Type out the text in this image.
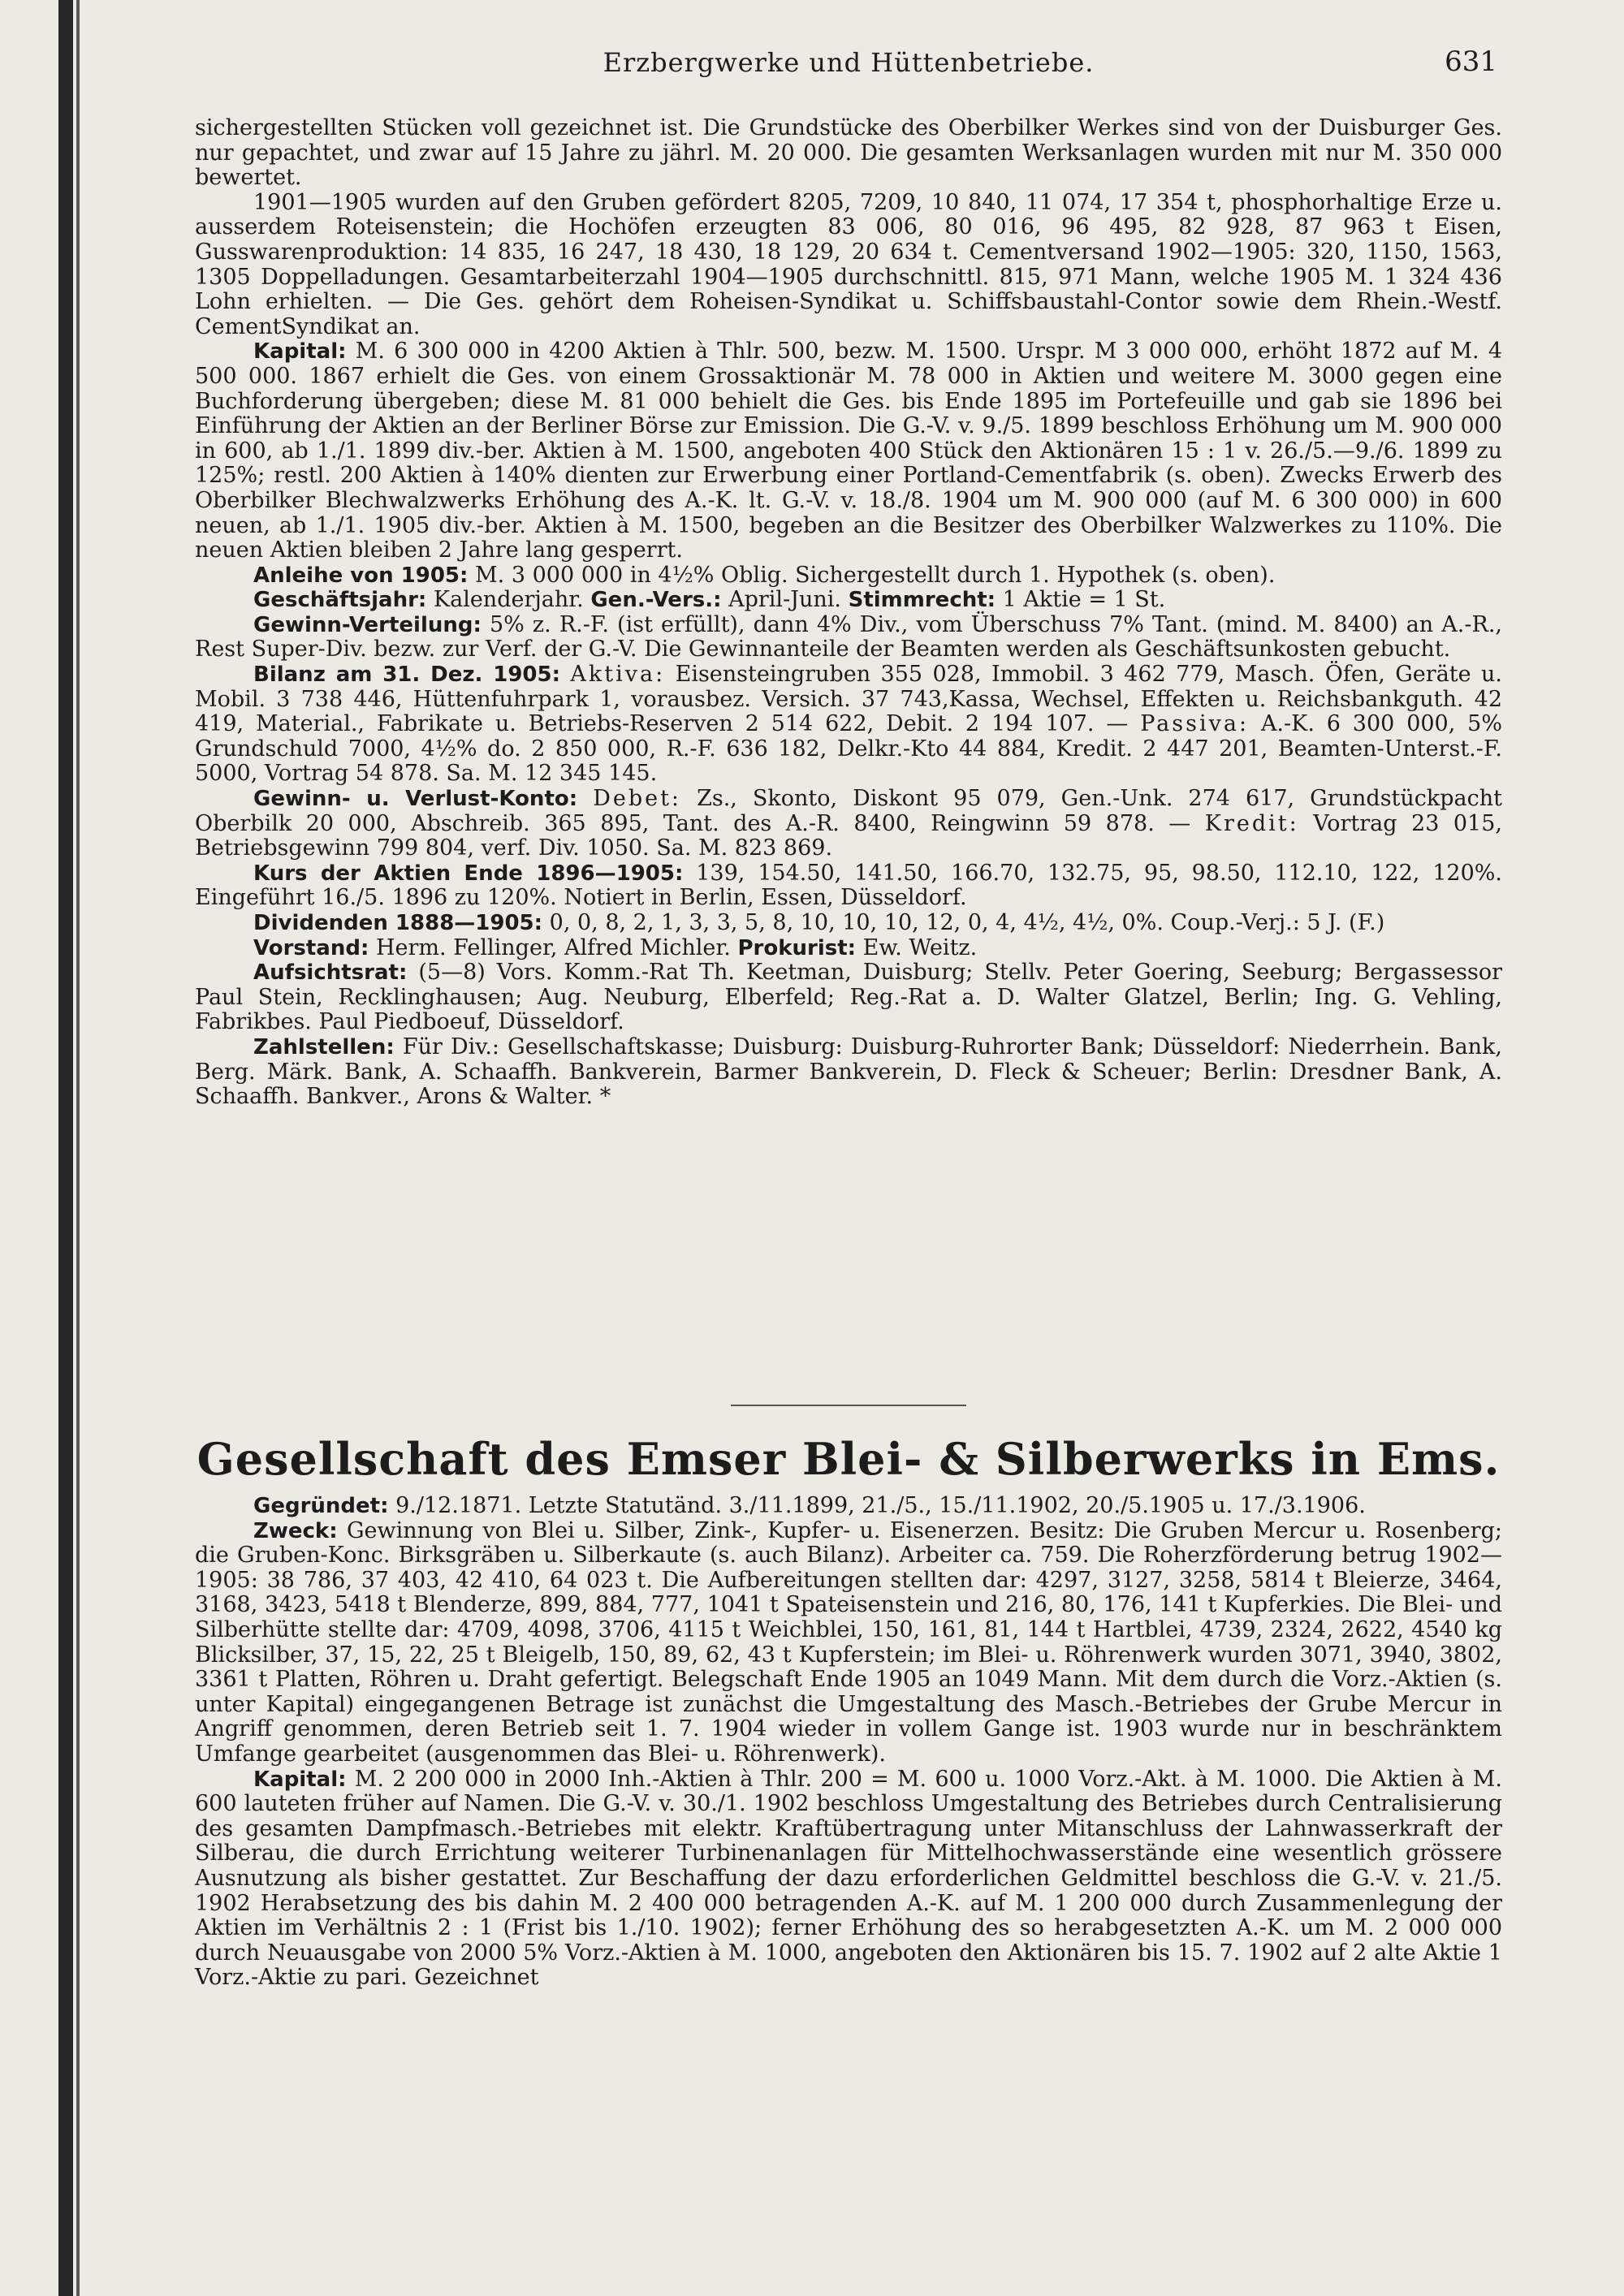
Erzbergwerke und Hüttenbetriebe.	631

sichergestellten Stücken voll gezeichnet ist. Die Grundstücke des Oberbilker Werkes sind von der Duisburger Ges. nur gepachtet, und zwar auf 15 Jahre zu jährl. M. 20 000. Die gesamten Werksanlagen wurden mit nur M. 350 000 bewertet.

1901—1905 wurden auf den Gruben gefördert 8205, 7209, 10 840, 11 074, 17 354 t, phosphorhaltige Erze u. ausserdem Roteisenstein; die Hochöfen erzeugten 83 006, 80 016, 96 495, 82 928, 87 963 t Eisen, Gusswarenproduktion: 14 835, 16 247, 18 430, 18 129, 20 634 t. Cementversand 1902—1905: 320, 1150, 1563, 1305 Doppelladungen. Gesamtarbeiterzahl 1904—1905 durchschnittl. 815, 971 Mann, welche 1905 M. 1 324 436 Lohn erhielten. — Die Ges. gehört dem Roheisen-Syndikat u. Schiffsbaustahl-Contor sowie dem Rhein.-Westf. CementSyndikat an.

Kapital: M. 6 300 000 in 4200 Aktien à Thlr. 500, bezw. M. 1500. Urspr. M 3 000 000, erhöht 1872 auf M. 4 500 000. 1867 erhielt die Ges. von einem Grossaktionär M. 78 000 in Aktien und weitere M. 3000 gegen eine Buchforderung übergeben; diese M. 81 000 behielt die Ges. bis Ende 1895 im Portefeuille und gab sie 1896 bei Einführung der Aktien an der Berliner Börse zur Emission. Die G.-V. v. 9./5. 1899 beschloss Erhöhung um M. 900 000 in 600, ab 1./1. 1899 div.-ber. Aktien à M. 1500, angeboten 400 Stück den Aktionären 15 : 1 v. 26./5.—9./6. 1899 zu 125%; restl. 200 Aktien à 140% dienten zur Erwerbung einer Portland-Cementfabrik (s. oben). Zwecks Erwerb des Oberbilker Blechwalzwerks Erhöhung des A.-K. lt. G.-V. v. 18./8. 1904 um M. 900 000 (auf M. 6 300 000) in 600 neuen, ab 1./1. 1905 div.-ber. Aktien à M. 1500, begeben an die Besitzer des Oberbilker Walzwerkes zu 110%. Die neuen Aktien bleiben 2 Jahre lang gesperrt.

Anleihe von 1905: M. 3 000 000 in 4½% Oblig. Sichergestellt durch 1. Hypothek (s. oben).

Geschäftsjahr: Kalenderjahr. Gen.-Vers.: April-Juni. Stimmrecht: 1 Aktie = 1 St.

Gewinn-Verteilung: 5% z. R.-F. (ist erfüllt), dann 4% Div., vom Überschuss 7% Tant. (mind. M. 8400) an A.-R., Rest Super-Div. bezw. zur Verf. der G.-V. Die Gewinnanteile der Beamten werden als Geschäftsunkosten gebucht.

Bilanz am 31. Dez. 1905: Aktiva: Eisensteingruben 355 028, Immobil. 3 462 779, Masch. Öfen, Geräte u. Mobil. 3 738 446, Hüttenfuhrpark 1, vorausbez. Versich. 37 743,Kassa, Wechsel, Effekten u. Reichsbankguth. 42 419, Material., Fabrikate u. Betriebs-Reserven 2 514 622, Debit. 2 194 107. — Passiva: A.-K. 6 300 000, 5% Grundschuld 7000, 4½% do. 2 850 000, R.-F. 636 182, Delkr.-Kto 44 884, Kredit. 2 447 201, Beamten-Unterst.-F. 5000, Vortrag 54 878. Sa. M. 12 345 145.

Gewinn- u. Verlust-Konto: Debet: Zs., Skonto, Diskont 95 079, Gen.-Unk. 274 617, Grundstückpacht Oberbilk 20 000, Abschreib. 365 895, Tant. des A.-R. 8400, Reingwinn 59 878. — Kredit: Vortrag 23 015, Betriebsgewinn 799 804, verf. Div. 1050. Sa. M. 823 869.

Kurs der Aktien Ende 1896—1905: 139, 154.50, 141.50, 166.70, 132.75, 95, 98.50, 112.10, 122, 120%. Eingeführt 16./5. 1896 zu 120%. Notiert in Berlin, Essen, Düsseldorf.

Dividenden 1888—1905: 0, 0, 8, 2, 1, 3, 3, 5, 8, 10, 10, 10, 12, 0, 4, 4½, 4½, 0%. Coup.-Verj.: 5 J. (F.)

Vorstand: Herm. Fellinger, Alfred Michler. Prokurist: Ew. Weitz.

Aufsichtsrat: (5—8) Vors. Komm.-Rat Th. Keetman, Duisburg; Stellv. Peter Goering, Seeburg; Bergassessor Paul Stein, Recklinghausen; Aug. Neuburg, Elberfeld; Reg.-Rat a. D. Walter Glatzel, Berlin; Ing. G. Vehling, Fabrikbes. Paul Piedboeuf, Düsseldorf.

Zahlstellen: Für Div.: Gesellschaftskasse; Duisburg: Duisburg-Ruhrorter Bank; Düsseldorf: Niederrhein. Bank, Berg. Märk. Bank, A. Schaaffh. Bankverein, Barmer Bankverein, D. Fleck & Scheuer; Berlin: Dresdner Bank, A. Schaaffh. Bankver., Arons & Walter. *

Gesellschaft des Emser Blei- & Silberwerks in Ems.

Gegründet: 9./12.1871. Letzte Statutänd. 3./11.1899, 21./5., 15./11.1902, 20./5.1905 u. 17./3.1906.

Zweck: Gewinnung von Blei u. Silber, Zink-, Kupfer- u. Eisenerzen. Besitz: Die Gruben Mercur u. Rosenberg; die Gruben-Konc. Birksgräben u. Silberkaute (s. auch Bilanz). Arbeiter ca. 759. Die Roherzförderung betrug 1902—1905: 38 786, 37 403, 42 410, 64 023 t. Die Aufbereitungen stellten dar: 4297, 3127, 3258, 5814 t Bleierze, 3464, 3168, 3423, 5418 t Blenderze, 899, 884, 777, 1041 t Spateisenstein und 216, 80, 176, 141 t Kupferkies. Die Blei- und Silberhütte stellte dar: 4709, 4098, 3706, 4115 t Weichblei, 150, 161, 81, 144 t Hartblei, 4739, 2324, 2622, 4540 kg Blicksilber, 37, 15, 22, 25 t Bleigelb, 150, 89, 62, 43 t Kupferstein; im Blei- u. Röhrenwerk wurden 3071, 3940, 3802, 3361 t Platten, Röhren u. Draht gefertigt. Belegschaft Ende 1905 an 1049 Mann. Mit dem durch die Vorz.-Aktien (s. unter Kapital) eingegangenen Betrage ist zunächst die Umgestaltung des Masch.-Betriebes der Grube Mercur in Angriff genommen, deren Betrieb seit 1. 7. 1904 wieder in vollem Gange ist. 1903 wurde nur in beschränktem Umfange gearbeitet (ausgenommen das Blei- u. Röhrenwerk).

Kapital: M. 2 200 000 in 2000 Inh.-Aktien à Thlr. 200 = M. 600 u. 1000 Vorz.-Akt. à M. 1000. Die Aktien à M. 600 lauteten früher auf Namen. Die G.-V. v. 30./1. 1902 beschloss Umgestaltung des Betriebes durch Centralisierung des gesamten Dampfmasch.-Betriebes mit elektr. Kraftübertragung unter Mitanschluss der Lahnwasserkraft der Silberau, die durch Errichtung weiterer Turbinenanlagen für Mittelhochwasserstände eine wesentlich grössere Ausnutzung als bisher gestattet. Zur Beschaffung der dazu erforderlichen Geldmittel beschloss die G.-V. v. 21./5. 1902 Herabsetzung des bis dahin M. 2 400 000 betragenden A.-K. auf M. 1 200 000 durch Zusammenlegung der Aktien im Verhältnis 2 : 1 (Frist bis 1./10. 1902); ferner Erhöhung des so herabgesetzten A.-K. um M. 2 000 000 durch Neuausgabe von 2000 5% Vorz.-Aktien à M. 1000, angeboten den Aktionären bis 15. 7. 1902 auf 2 alte Aktie 1 Vorz.-Aktie zu pari. Gezeichnet
